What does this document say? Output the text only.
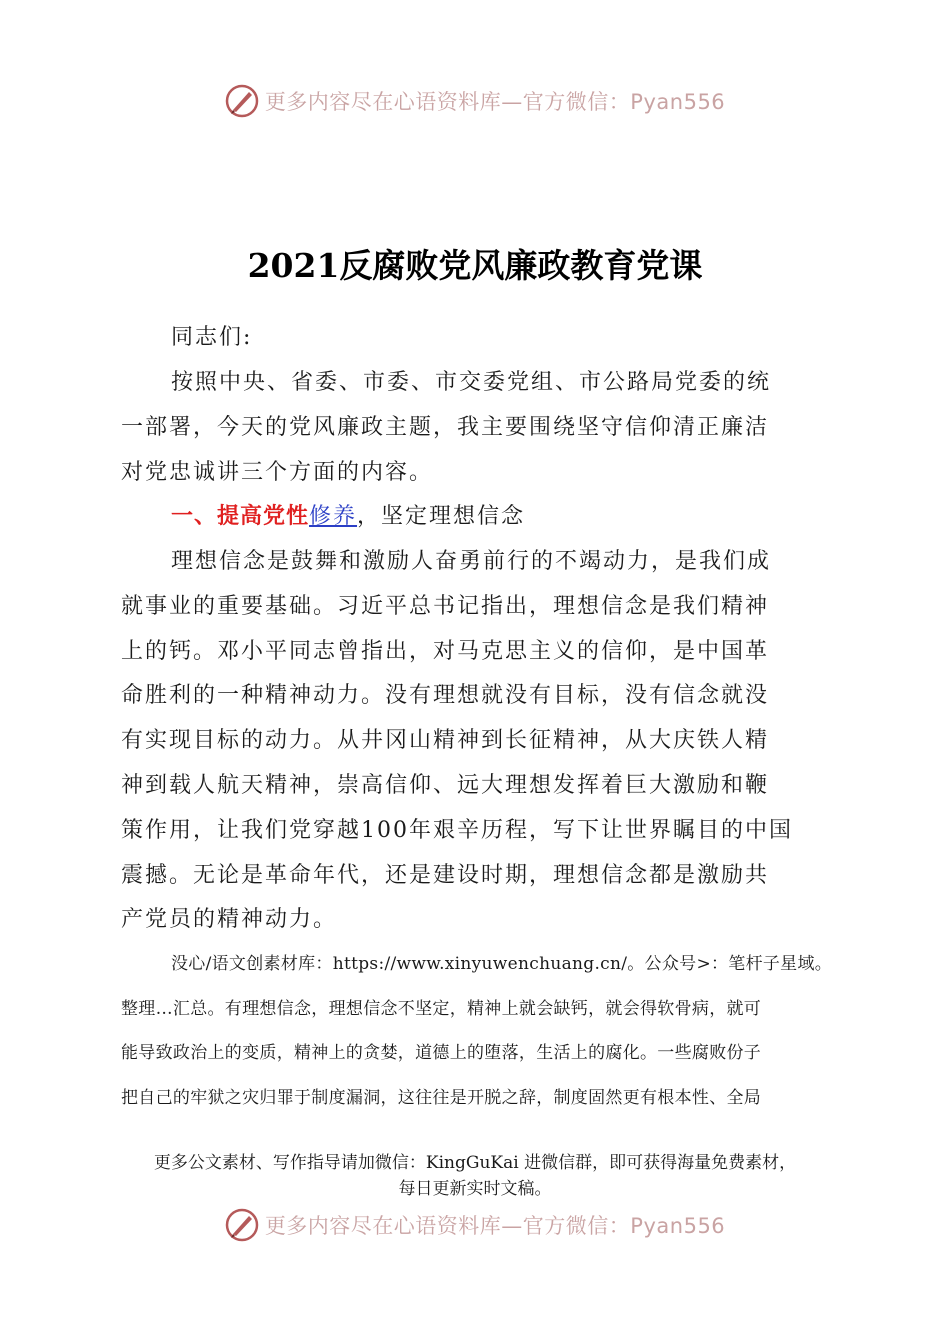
更多内容尽在心语资料库—官方微信：Pyan556
2021反腐败党风廉政教育党课
同志们:
按照中央、省委、市委、市交委党组、市公路局党委的统
一部署，今天的党风廉政主题，我主要围绕坚守信仰清正廉洁
对党忠诚讲三个方面的内容。
一、提高党性修养，坚定理想信念
理想信念是鼓舞和激励人奋勇前行的不竭动力，是我们成
就事业的重要基础。习近平总书记指出，理想信念是我们精神
上的钙。邓小平同志曾指出，对马克思主义的信仰，是中国革
命胜利的一种精神动力。没有理想就没有目标，没有信念就没
有实现目标的动力。从井冈山精神到长征精神，从大庆铁人精
神到载人航天精神，崇高信仰、远大理想发挥着巨大激励和鞭
策作用，让我们党穿越100年艰辛历程，写下让世界瞩目的中国
震撼。无论是革命年代，还是建设时期，理想信念都是激励共
产党员的精神动力。
没心/语文创素材库：https://www.xinyuwenchuang.cn/。公众号>：笔杆子星域。
整理…汇总。有理想信念，理想信念不坚定，精神上就会缺钙，就会得软骨病，就可
能导致政治上的变质，精神上的贪婪，道德上的堕落，生活上的腐化。一些腐败份子
把自己的牢狱之灾归罪于制度漏洞，这往往是开脱之辞，制度固然更有根本性、全局
更多公文素材、写作指导请加微信：KingGuKai 进微信群，即可获得海量免费素材，
每日更新实时文稿。
更多内容尽在心语资料库—官方微信：Pyan556
